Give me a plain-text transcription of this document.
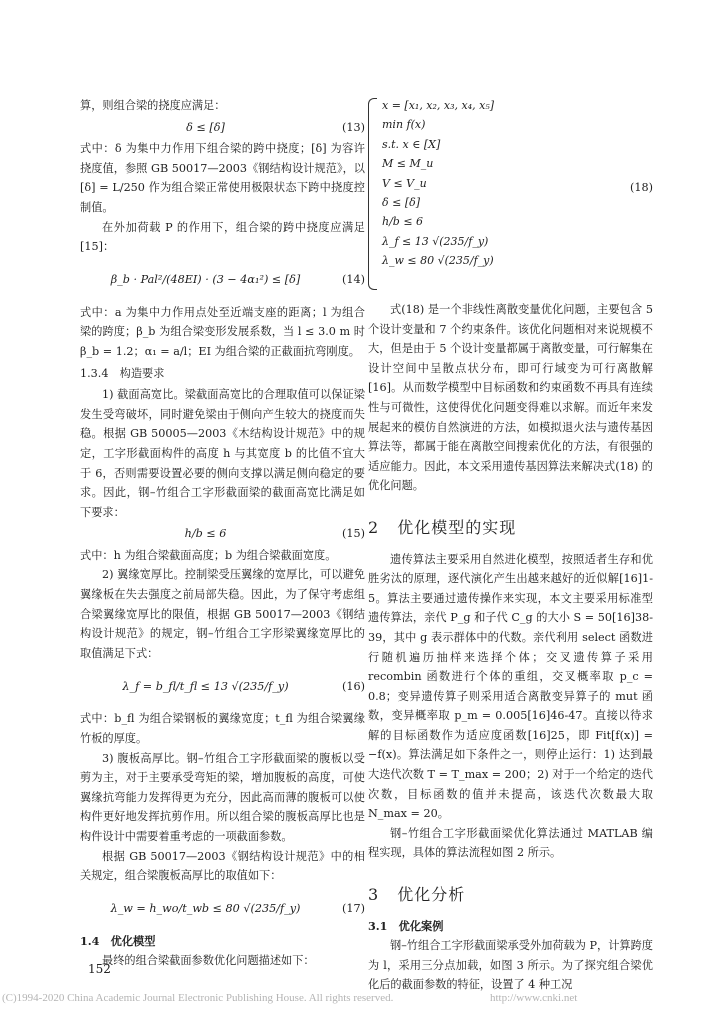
算，则组合梁的挠度应满足：

δ ≤ [δ]	(13)

式中：δ 为集中力作用下组合梁的跨中挠度；[δ] 为容许挠度值，参照 GB 50017—2003《钢结构设计规范》，以 [δ] = L/250 作为组合梁正常使用极限状态下跨中挠度控制值。

在外加荷载 P 的作用下，组合梁的跨中挠度应满足[15]：

β_b · Pal²/(48EI) · (3 − 4α₁²) ≤ [δ]	(14)

式中：a 为集中力作用点处至近端支座的距离；l 为组合梁的跨度；β_b 为组合梁变形发展系数，当 l ≤ 3.0 m 时 β_b = 1.2；α₁ = a/l；EI 为组合梁的正截面抗弯刚度。

1.3.4　构造要求

1) 截面高宽比。梁截面高宽比的合理取值可以保证梁发生受弯破坏，同时避免梁由于侧向产生较大的挠度而失稳。根据 GB 50005—2003《木结构设计规范》中的规定，工字形截面构件的高度 h 与其宽度 b 的比值不宜大于 6，否则需要设置必要的侧向支撑以满足侧向稳定的要求。因此，钢–竹组合工字形截面梁的截面高宽比满足如下要求：

h/b ≤ 6	(15)

式中：h 为组合梁截面高度；b 为组合梁截面宽度。

2) 翼缘宽厚比。控制梁受压翼缘的宽厚比，可以避免翼缘板在失去强度之前局部失稳。因此，为了保守考虑组合梁翼缘宽厚比的限值，根据 GB 50017—2003《钢结构设计规范》的规定，钢–竹组合工字形梁翼缘宽厚比的取值满足下式：

λ_f = b_fl/t_fl ≤ 13 √(235/f_y)	(16)

式中：b_fl 为组合梁钢板的翼缘宽度；t_fl 为组合梁翼缘竹板的厚度。

3) 腹板高厚比。钢–竹组合工字形截面梁的腹板以受剪为主，对于主要承受弯矩的梁，增加腹板的高度，可使翼缘抗弯能力发挥得更为充分，因此高而薄的腹板可以使构件更好地发挥抗剪作用。所以组合梁的腹板高厚比也是构件设计中需要着重考虑的一项截面参数。

根据 GB 50017—2003《钢结构设计规范》中的相关规定，组合梁腹板高厚比的取值如下：

λ_w = h_wo/t_wb ≤ 80 √(235/f_y)	(17)

1.4　优化模型

最终的组合梁截面参数优化问题描述如下：

x = [x₁, x₂, x₃, x₄, x₅]
min f(x)
s.t. x ∈ [X]
M ≤ M_u
V ≤ V_u
δ ≤ [δ]
h/b ≤ 6
λ_f ≤ 13 √(235/f_y)
λ_w ≤ 80 √(235/f_y)
(18)

式(18) 是一个非线性离散变量优化问题，主要包含 5 个设计变量和 7 个约束条件。该优化问题相对来说规模不大，但是由于 5 个设计变量都属于离散变量，可行解集在设计空间中呈散点状分布，即可行域变为可行离散解[16]。从而数学模型中目标函数和约束函数不再具有连续性与可微性，这使得优化问题变得难以求解。而近年来发展起来的模仿自然演进的方法，如模拟退火法与遗传基因算法等，都属于能在离散空间搜索优化的方法，有很强的适应能力。因此，本文采用遗传基因算法来解决式(18) 的优化问题。

2 优化模型的实现

遗传算法主要采用自然进化模型，按照适者生存和优胜劣汰的原理，逐代演化产生出越来越好的近似解[16]1-5。算法主要通过遗传操作来实现，本文主要采用标准型遗传算法，亲代 P_g 和子代 C_g 的大小 S = 50[16]38-39，其中 g 表示群体中的代数。亲代利用 select 函数进行随机遍历抽样来选择个体；交叉遗传算子采用 recombin 函数进行个体的重组，交叉概率取 p_c = 0.8；变异遗传算子则采用适合离散变异算子的 mut 函数，变异概率取 p_m = 0.005[16]46-47。直接以待求解的目标函数作为适应度函数[16]25，即 Fit[f(x)] = −f(x)。算法满足如下条件之一，则停止运行：1) 达到最大迭代次数 T = T_max = 200；2) 对于一个给定的迭代次数，目标函数的值并未提高，该迭代次数最大取 N_max = 20。

钢–竹组合工字形截面梁优化算法通过 MATLAB 编程实现，具体的算法流程如图 2 所示。

3 优化分析

3.1　优化案例

钢–竹组合工字形截面梁承受外加荷载为 P，计算跨度为 l，采用三分点加载，如图 3 所示。为了探究组合梁优化后的截面参数的特征，设置了 4 种工况

152
(C)1994-2020 China Academic Journal Electronic Publishing House. All rights reserved.	http://www.cnki.net
